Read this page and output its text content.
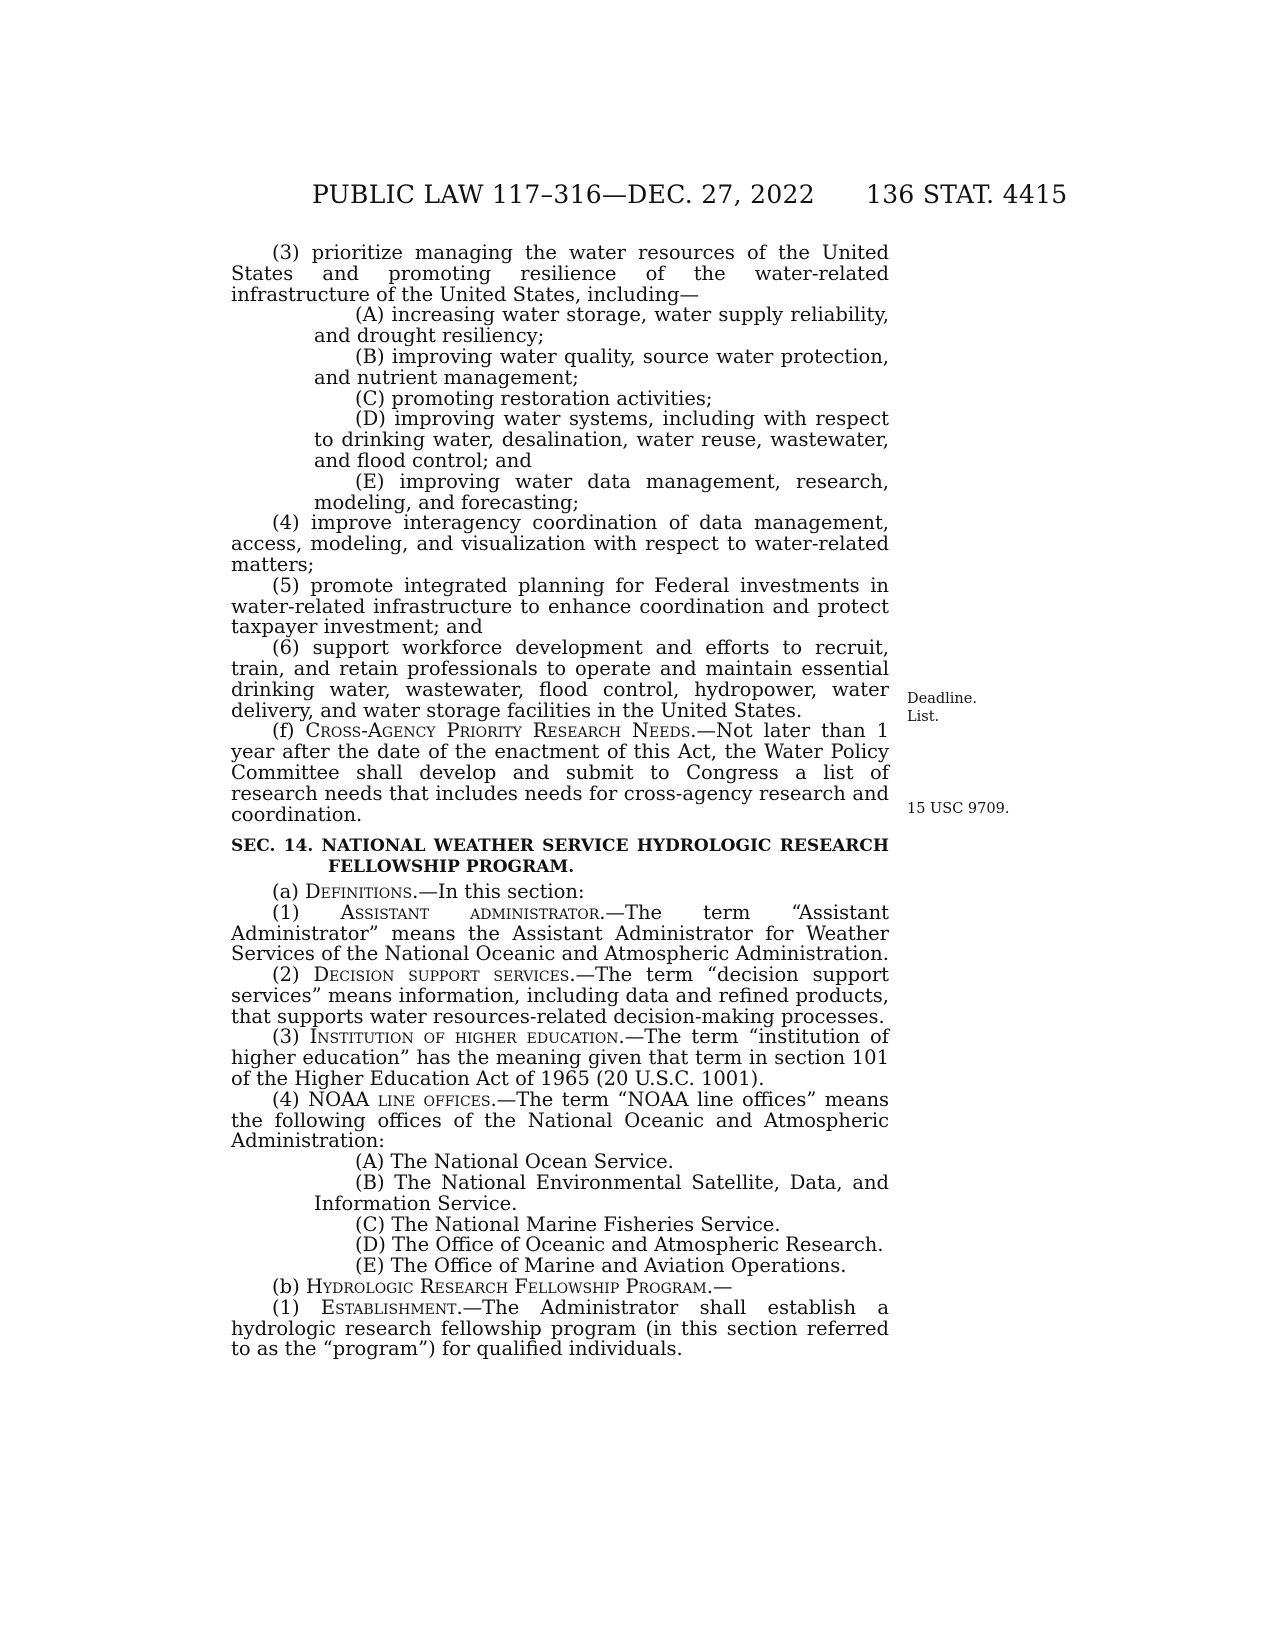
PUBLIC LAW 117–316—DEC. 27, 2022 136 STAT. 4415

(3) prioritize managing the water resources of the United States and promoting resilience of the water-related infrastructure of the United States, including—

(A) increasing water storage, water supply reliability, and drought resiliency;

(B) improving water quality, source water protection, and nutrient management;

(C) promoting restoration activities;

(D) improving water systems, including with respect to drinking water, desalination, water reuse, wastewater, and flood control; and

(E) improving water data management, research, modeling, and forecasting;

(4) improve interagency coordination of data management, access, modeling, and visualization with respect to water-related matters;

(5) promote integrated planning for Federal investments in water-related infrastructure to enhance coordination and protect taxpayer investment; and

(6) support workforce development and efforts to recruit, train, and retain professionals to operate and maintain essential drinking water, wastewater, flood control, hydropower, water delivery, and water storage facilities in the United States.

(f) Cross-Agency Priority Research Needs.—Not later than 1 year after the date of the enactment of this Act, the Water Policy Committee shall develop and submit to Congress a list of research needs that includes needs for cross-agency research and coordination.

SEC. 14. NATIONAL WEATHER SERVICE HYDROLOGIC RESEARCH FELLOWSHIP PROGRAM.

(a) Definitions.—In this section:

(1) Assistant administrator.—The term “Assistant Administrator” means the Assistant Administrator for Weather Services of the National Oceanic and Atmospheric Administration.

(2) Decision support services.—The term “decision support services” means information, including data and refined products, that supports water resources-related decision-making processes.

(3) Institution of higher education.—The term “institution of higher education” has the meaning given that term in section 101 of the Higher Education Act of 1965 (20 U.S.C. 1001).

(4) NOAA line offices.—The term “NOAA line offices” means the following offices of the National Oceanic and Atmospheric Administration:

(A) The National Ocean Service.

(B) The National Environmental Satellite, Data, and Information Service.

(C) The National Marine Fisheries Service.

(D) The Office of Oceanic and Atmospheric Research.

(E) The Office of Marine and Aviation Operations.

(b) Hydrologic Research Fellowship Program.—

(1) Establishment.—The Administrator shall establish a hydrologic research fellowship program (in this section referred to as the “program”) for qualified individuals.

Deadline.
List.
15 USC 9709.
